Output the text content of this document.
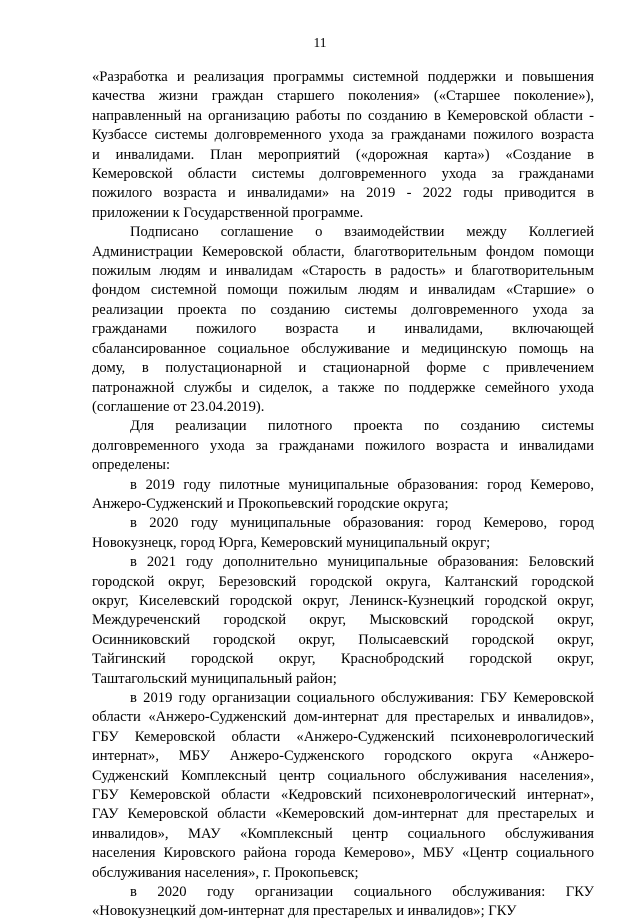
11
«Разработка и реализация программы системной поддержки и повышения
качества жизни граждан старшего поколения» («Старшее поколение»),
направленный на организацию работы по созданию в Кемеровской области -
Кузбассе системы долговременного ухода за гражданами пожилого возраста
и инвалидами. План мероприятий («дорожная карта») «Создание в
Кемеровской области системы долговременного ухода за гражданами
пожилого возраста и инвалидами» на 2019 - 2022 годы приводится в
приложении к Государственной программе.
Подписано соглашение о взаимодействии между Коллегией
Администрации Кемеровской области, благотворительным фондом помощи
пожилым людям и инвалидам «Старость в радость» и благотворительным
фондом системной помощи пожилым людям и инвалидам «Старшие» о
реализации проекта по созданию системы долговременного ухода за
гражданами пожилого возраста и инвалидами, включающей
сбалансированное социальное обслуживание и медицинскую помощь на
дому, в полустационарной и стационарной форме с привлечением
патронажной службы и сиделок, а также по поддержке семейного ухода
(соглашение от 23.04.2019).
Для реализации пилотного проекта по созданию системы
долговременного ухода за гражданами пожилого возраста и инвалидами
определены:
в 2019 году пилотные муниципальные образования: город Кемерово,
Анжеро-Судженский и Прокопьевский городские округа;
в 2020 году муниципальные образования: город Кемерово, город
Новокузнецк, город Юрга, Кемеровский муниципальный округ;
в 2021 году дополнительно муниципальные образования: Беловский
городской округ, Березовский городской округа, Калтанский городской
округ, Киселевский городской округ, Ленинск-Кузнецкий городской округ,
Междуреченский городской округ, Мысковский городской округ,
Осинниковский городской округ, Полысаевский городской округ,
Тайгинский городской округ, Краснобродский городской округ,
Таштагольский муниципальный район;
в 2019 году организации социального обслуживания: ГБУ Кемеровской
области «Анжеро-Судженский дом-интернат для престарелых и инвалидов»,
ГБУ Кемеровской области «Анжеро-Судженский психоневрологический
интернат», МБУ Анжеро-Судженского городского округа «Анжеро-
Судженский Комплексный центр социального обслуживания населения»,
ГБУ Кемеровской области «Кедровский психоневрологический интернат»,
ГАУ Кемеровской области «Кемеровский дом-интернат для престарелых и
инвалидов», МАУ «Комплексный центр социального обслуживания
населения Кировского района города Кемерово», МБУ «Центр социального
обслуживания населения», г. Прокопьевск;
в 2020 году организации социального обслуживания: ГКУ
«Новокузнецкий дом-интернат для престарелых и инвалидов»; ГКУ
